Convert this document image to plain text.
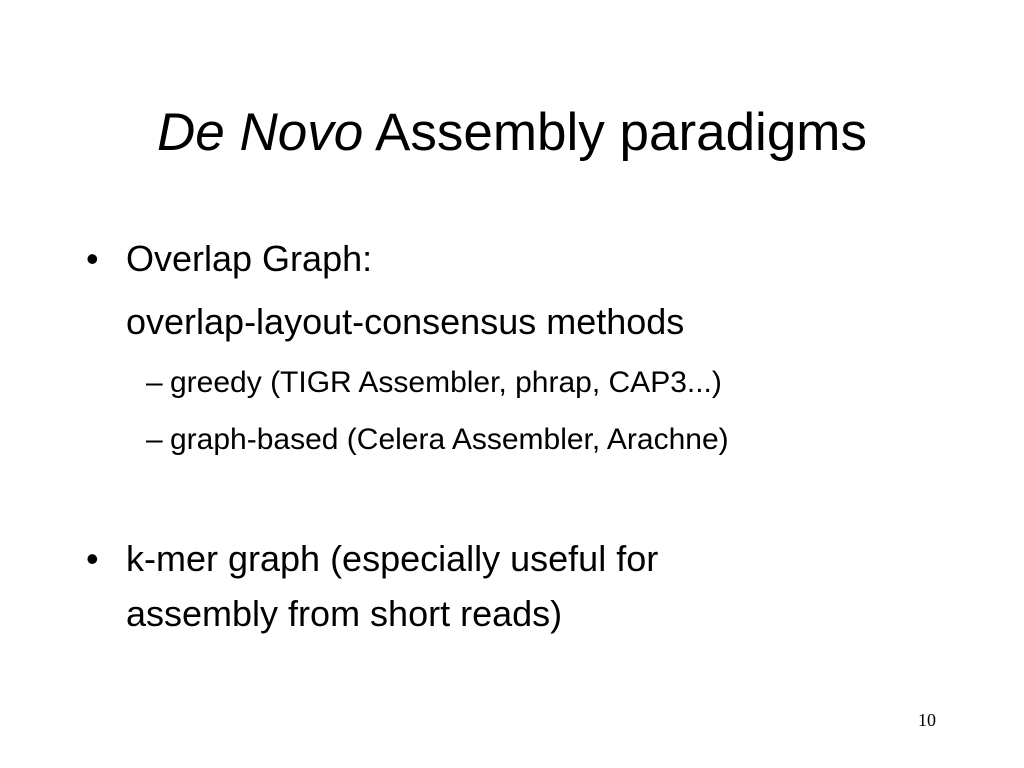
De Novo Assembly paradigms
• Overlap Graph:
overlap-layout-consensus methods
– greedy (TIGR Assembler, phrap, CAP3...)
– graph-based (Celera Assembler, Arachne)
• k-mer graph (especially useful for
assembly from short reads)
10
